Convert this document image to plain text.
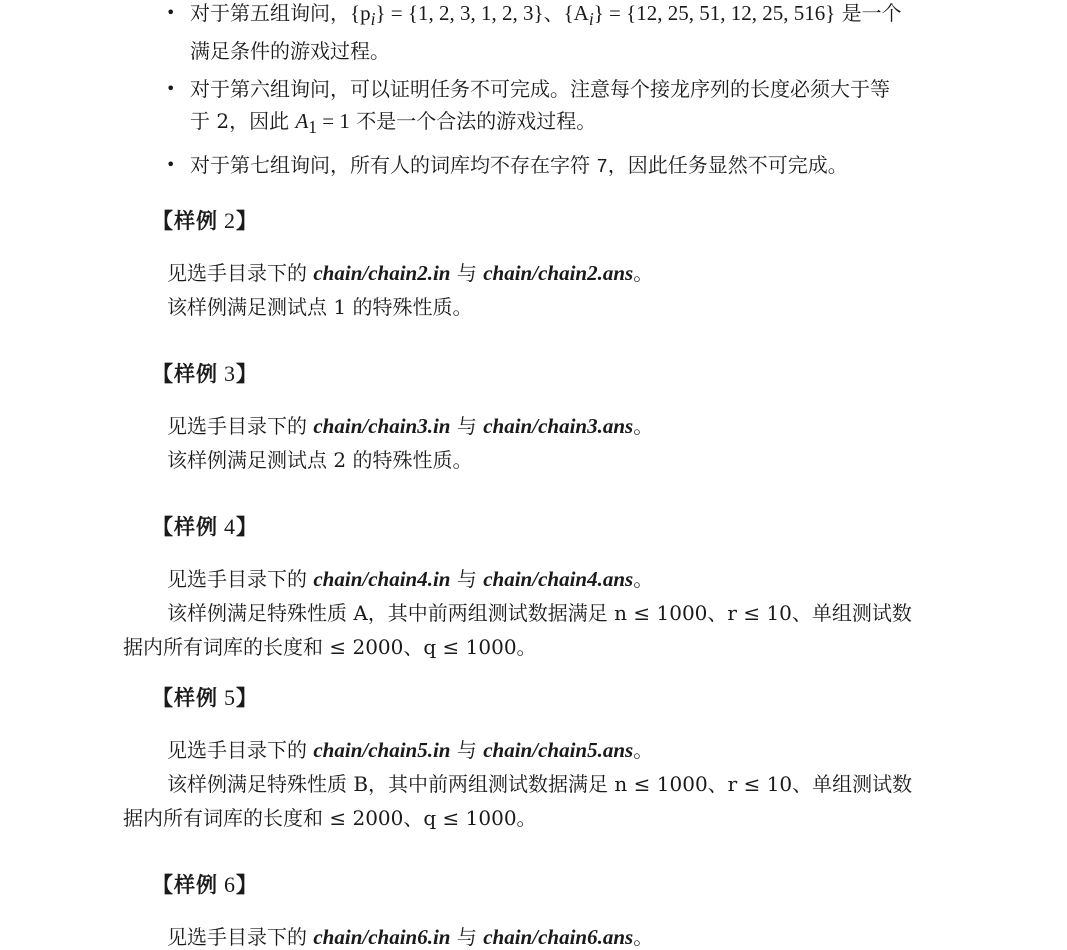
• 对于第五组询问，$\{p_i\} = \{1$, 2, 3, 1, 2, 3}、$\{A_i\} = \{12$, 25, 51, 12, 25, 516} 是一个
满足条件的游戏过程。
• 对于第六组询问，可以证明任务不可完成。注意每个接龙序列的长度必须大于等
于 2，因此 $A_1 = 1$ 不是一个合法的游戏过程。
• 对于第七组询问，所有人的词库均不存在字符 7，因此任务显然不可完成。
【样例 2】
见选手目录下的 chain/chain2.in 与 chain/chain2.ans。
该样例满足测试点 1 的特殊性质。
【样例 3】
见选手目录下的 chain/chain3.in 与 chain/chain3.ans。
该样例满足测试点 2 的特殊性质。
【样例 4】
见选手目录下的 chain/chain4.in 与 chain/chain4.ans。
该样例满足特殊性质 A，其中前两组测试数据满足 n ≤ 1000、r ≤ 10、单组测试数
据内所有词库的长度和 ≤ 2000、q ≤ 1000。
【样例 5】
见选手目录下的 chain/chain5.in 与 chain/chain5.ans。
该样例满足特殊性质 B，其中前两组测试数据满足 n ≤ 1000、r ≤ 10、单组测试数
据内所有词库的长度和 ≤ 2000、q ≤ 1000。
【样例 6】
见选手目录下的 chain/chain6.in 与 chain/chain6.ans。
